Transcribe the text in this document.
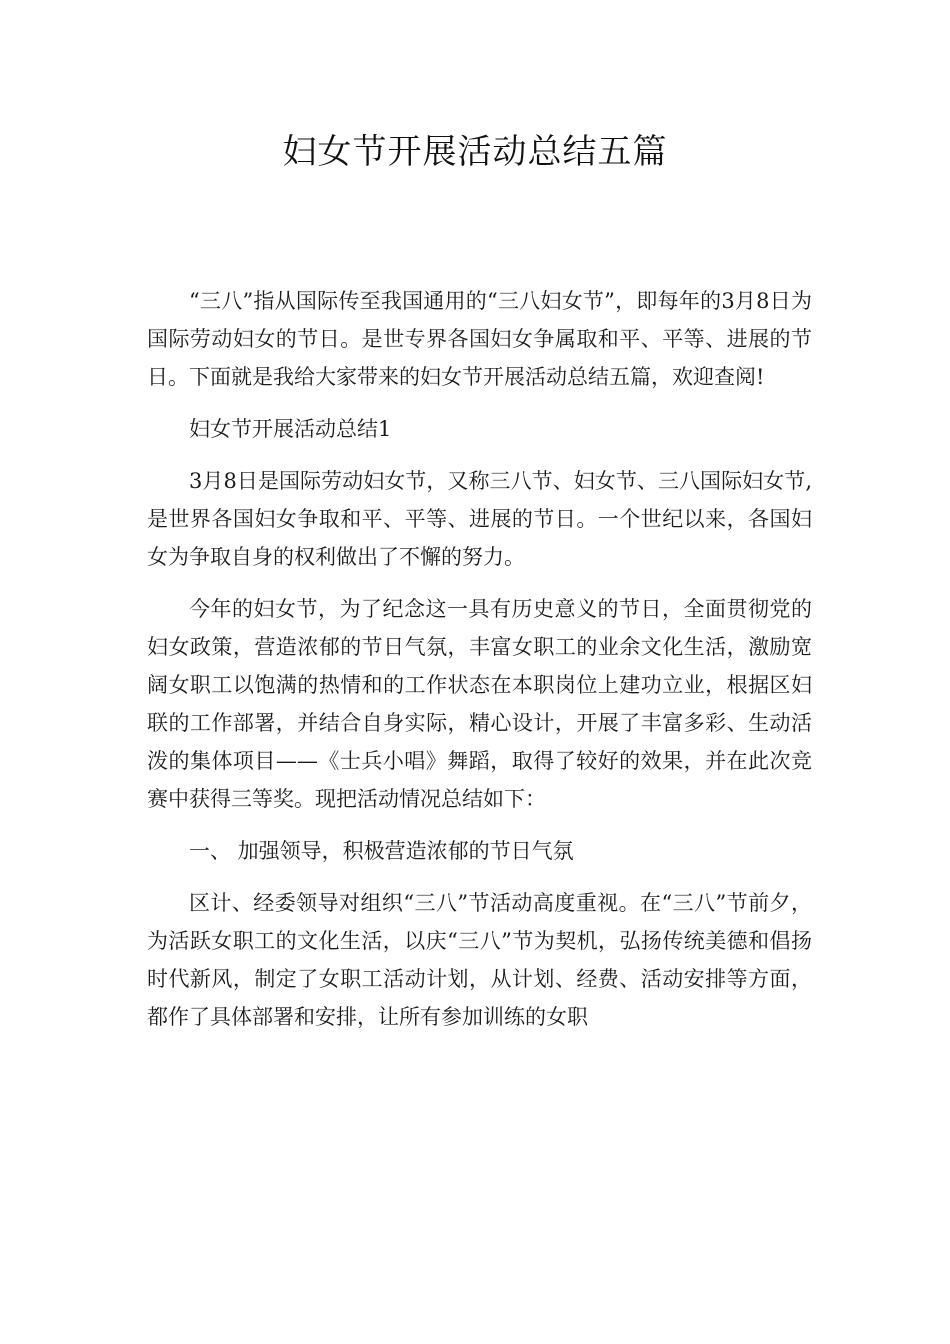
妇女节开展活动总结五篇

“三八”指从国际传至我国通用的“三八妇女节”，即每年的3月8日为国际劳动妇女的节日。是世专界各国妇女争属取和平、平等、进展的节日。下面就是我给大家带来的妇女节开展活动总结五篇，欢迎查阅!

妇女节开展活动总结1

3月8日是国际劳动妇女节，又称三八节、妇女节、三八国际妇女节,是世界各国妇女争取和平、平等、进展的节日。一个世纪以来，各国妇女为争取自身的权利做出了不懈的努力。

今年的妇女节，为了纪念这一具有历史意义的节日，全面贯彻党的妇女政策，营造浓郁的节日气氛，丰富女职工的业余文化生活，激励宽阔女职工以饱满的热情和的工作状态在本职岗位上建功立业，根据区妇联的工作部署，并结合自身实际，精心设计，开展了丰富多彩、生动活泼的集体项目——《士兵小唱》舞蹈，取得了较好的效果，并在此次竞赛中获得三等奖。现把活动情况总结如下：

一、 加强领导，积极营造浓郁的节日气氛

区计、经委领导对组织“三八”节活动高度重视。在“三八”节前夕，为活跃女职工的文化生活，以庆“三八”节为契机，弘扬传统美德和倡扬时代新风，制定了女职工活动计划，从计划、经费、活动安排等方面，都作了具体部署和安排，让所有参加训练的女职
